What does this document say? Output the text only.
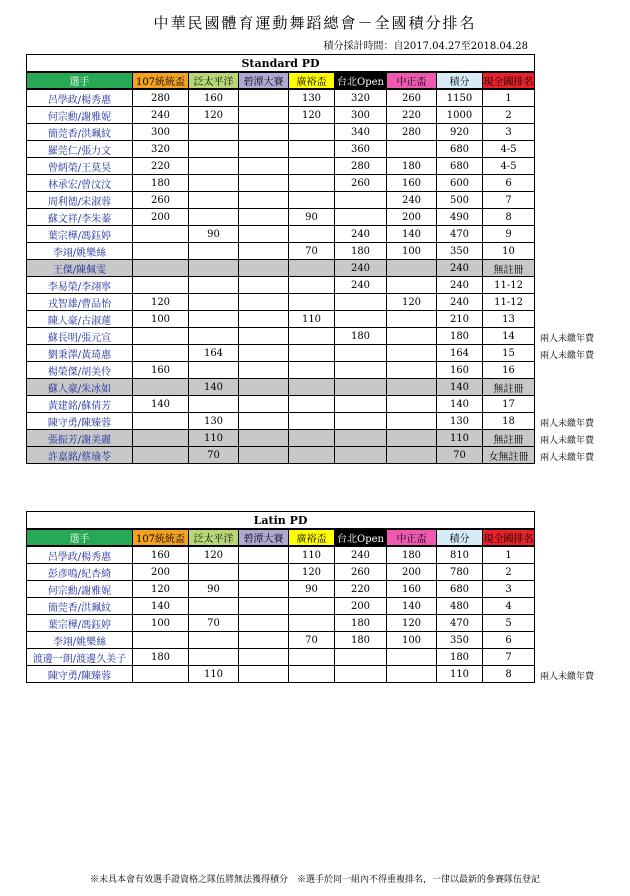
中華民國體育運動舞蹈總會－全國積分排名
積分採計時間：自2017.04.27至2018.04.28
Standard PD								
選手	107統統盃	泛太平洋	碧潭大賽	廣裕盃	台北Open	中正盃	積分	現全國排名
呂學政/楊秀惠	280	160		130	320	260	1150	1
何宗勳/謝雅妮	240	120		120	300	220	1000	2
簡莞香/洪珮紋	300				340	280	920	3
羅莞仁/張力文	320				360		680	4-5
曾炳榮/王莫昊	220				280	180	680	4-5
林承宏/曾汶汶	180				260	160	600	6
周利德/宋淑蓉	260					240	500	7
蘇文祥/李朱蓁	200			90		200	490	8
葉宗樺/馮鈺婷		90			240	140	470	9
李翊/姚樂絲				70	180	100	350	10
王傑/陳佩雯					240		240	無註冊
李易榮/李翊寧					240		240	11-12
戎智雄/曹品怡	120					120	240	11-12
陳人豪/古淑蓮	100			110			210	13
蘇長明/張元宣					180		180	14
劉秉澤/黃琦惠		164					164	15
楊榮傑/胡美伶	160						160	16
蘇人豪/朱冰如		140					140	無註冊
黃建銘/蘇倩芳	140						140	17
陳守勇/陳臻蓉		130					130	18
張振芳/謝美麗		110					110	無註冊
許嘉銘/蔡瑜苓		70					70	女無註冊
Latin PD								
選手	107統統盃	泛太平洋	碧潭大賽	廣裕盃	台北Open	中正盃	積分	現全國排名
呂學政/楊秀惠	160	120		110	240	180	810	1
彭彥鳴/紀杏綺	200			120	260	200	780	2
何宗勳/謝雅妮	120	90		90	220	160	680	3
簡莞香/洪珮紋	140				200	140	480	4
葉宗樺/馮鈺婷	100	70			180	120	470	5
李翊/姚樂絲				70	180	100	350	6
渡邊一朗/渡邊久美子	180						180	7
陳守勇/陳臻蓉		110					110	8
※未具本會有效選手證資格之隊伍將無法獲得積分　※選手於同一組內不得重複排名，一律以最新的參賽隊伍登記
兩人未繳年費
兩人未繳年費
兩人未繳年費
兩人未繳年費
兩人未繳年費
兩人未繳年費
